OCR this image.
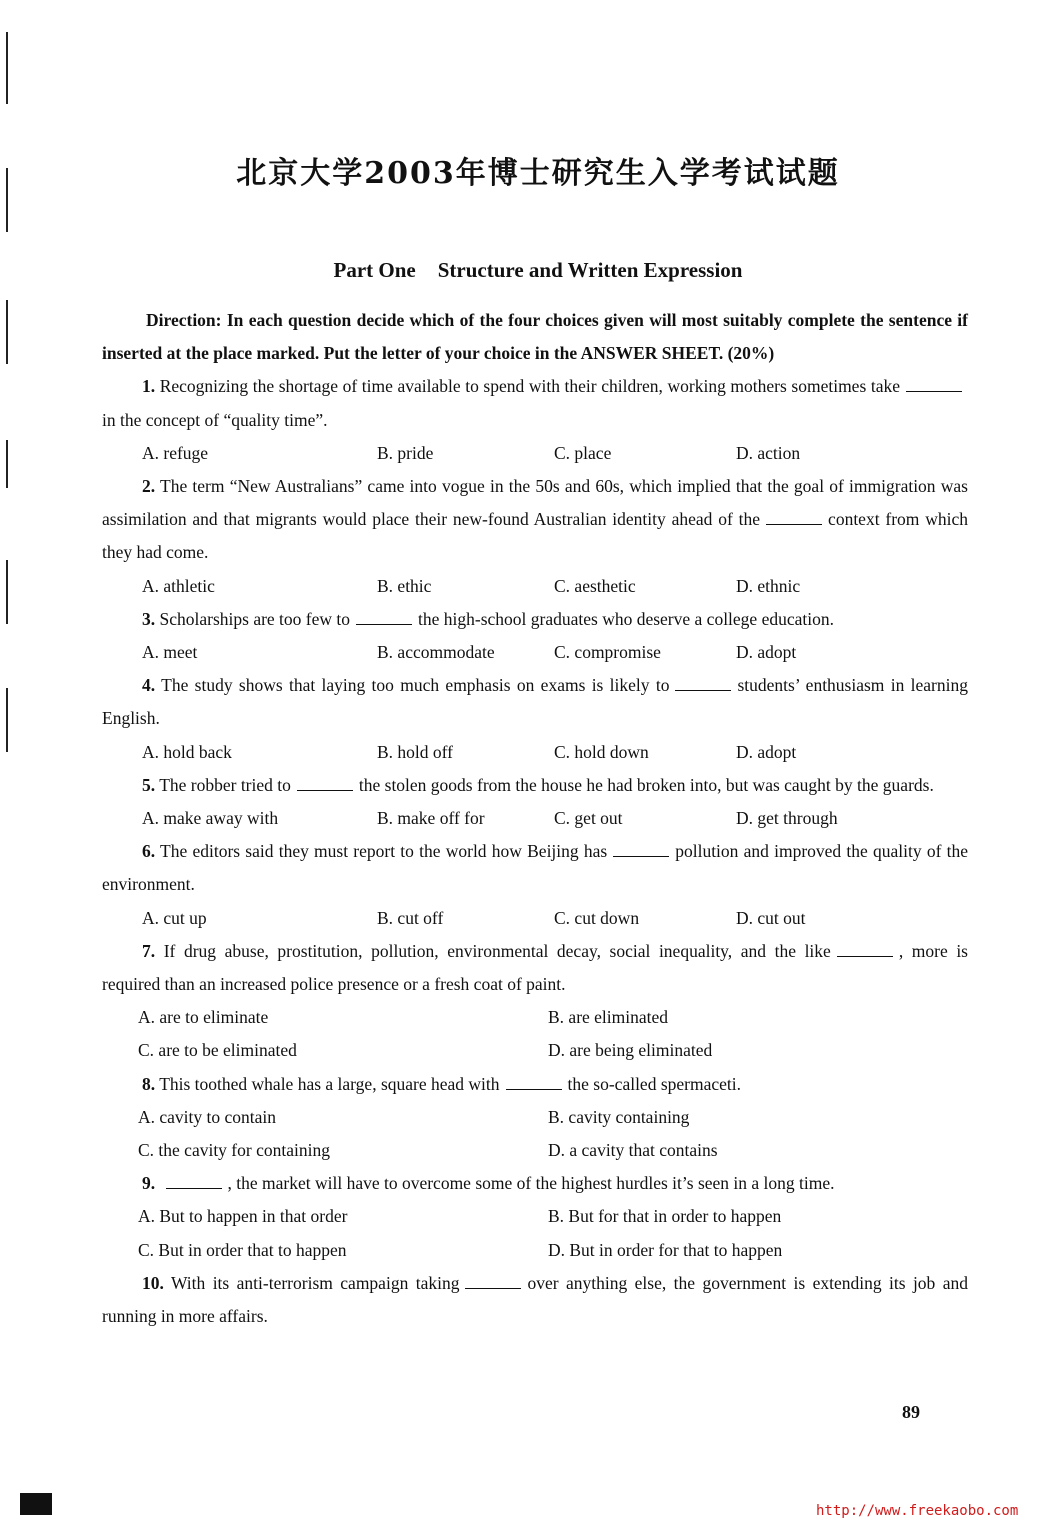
北京大学2003年博士研究生入学考试试题
Part One Structure and Written Expression

Direction: In each question decide which of the four choices given will most suitably complete the sentence if inserted at the place marked. Put the letter of your choice in the ANSWER SHEET. (20%)

1. Recognizing the shortage of time available to spend with their children, working mothers sometimes takein the concept of “quality time”.

A. refuge	B. pride	C. place	D. action

2. The term “New Australians” came into vogue in the 50s and 60s, which implied that the goal of immigration was assimilation and that migrants would place their new-found Australian identity ahead of the	context from which they had come.

A. athletic	B. ethic	C. aesthetic	D. ethnic

3. Scholarships are too few to	the high-school graduates who deserve a college education.

A. meet	B. accommodate	C. compromise	D. adopt

4. The study shows that laying too much emphasis on exams is likely to	students’ enthusiasm in learning English.

A. hold back	B. hold off	C. hold down	D. adopt

5. The robber tried to	the stolen goods from the house he had broken into, but was caught by the guards.

A. make away with	B. make off for	C. get out	D. get through

6. The editors said they must report to the world how Beijing has	pollution and improved the quality of the environment.

A. cut up	B. cut off	C. cut down	D. cut out

7. If drug abuse, prostitution, pollution, environmental decay, social inequality, and the like	, more is required than an increased police presence or a fresh coat of paint.

A. are to eliminate	B. are eliminated
C. are to be eliminated	D. are being eliminated

8. This toothed whale has a large, square head with	the so-called spermaceti.

A. cavity to contain	B. cavity containing
C. the cavity for containing	D. a cavity that contains

9.	, the market will have to overcome some of the highest hurdles it’s seen in a long time.

A. But to happen in that order	B. But for that in order to happen
C. But in order that to happen	D. But in order for that to happen

10. With its anti-terrorism campaign taking	over anything else, the government is extending its job and running in more affairs.

89
http://www.freekaobo.com
